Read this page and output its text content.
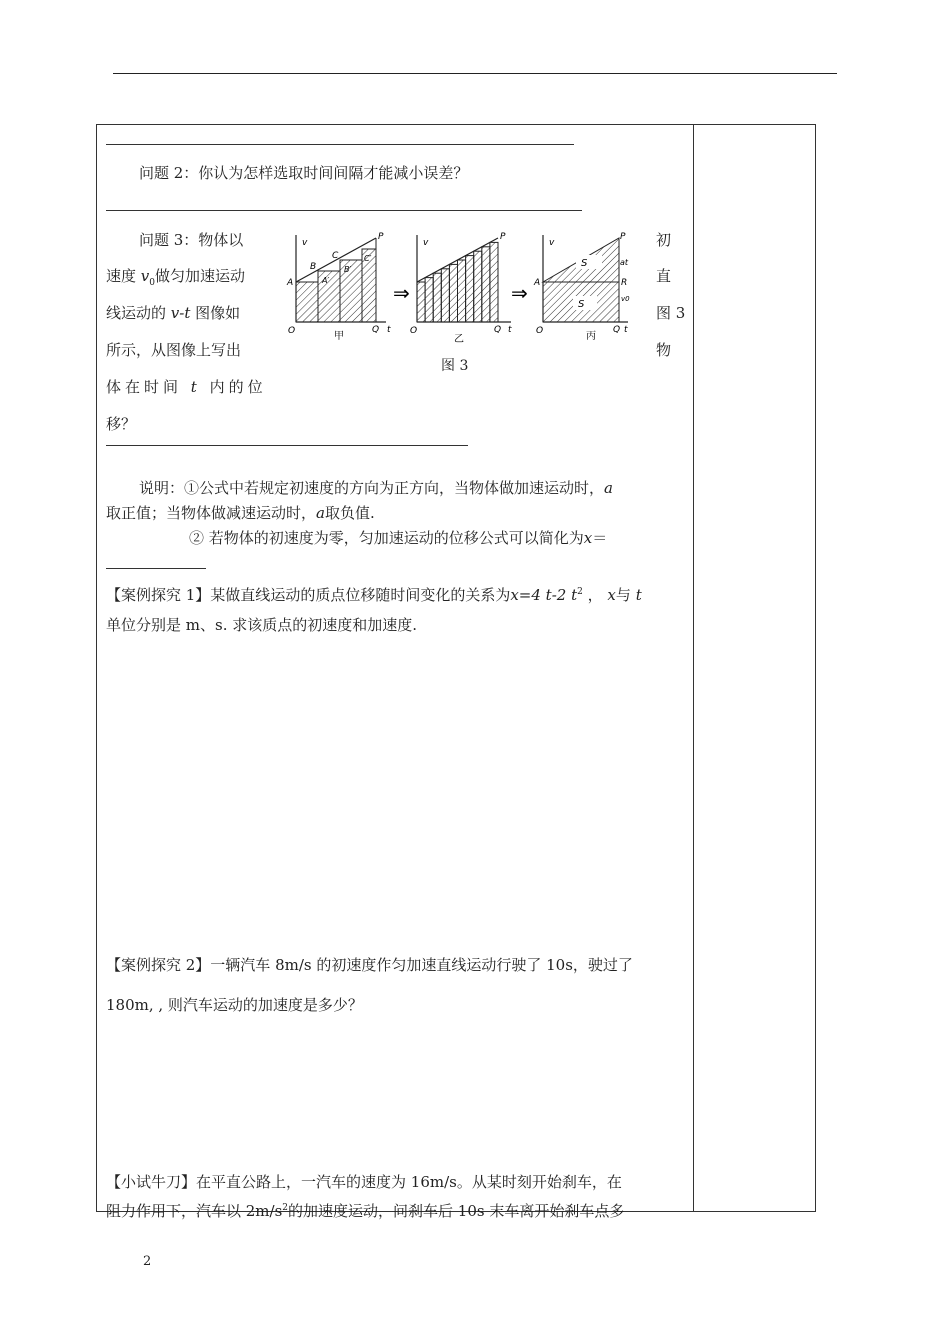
问题 2：你认为怎样选取时间间隔才能减小误差？
问题 3：物体以
速度 $v_0$做匀加速运动
线运动的 v-t 图像如
所示，从图像上写出
体在时间 t 内的位
移？
初
直
图 3
物
v
A
B
C
A′
B′
C′
P
O	Q t
甲
⇒
v
P
O	Q t
乙
⇒
S
S
v
A
P
at
R
v0
O	Q t
丙
图 3
说明：①公式中若规定初速度的方向为正方向，当物体做加速运动时，a
取正值；当物体做减速运动时，a取负值.
② 若物体的初速度为零，匀加速运动的位移公式可以简化为x＝
【案例探究 1】某做直线运动的质点位移随时间变化的关系为x=4 t-2 $t^2$ ， x与 t
单位分别是 m、s. 求该质点的初速度和加速度.
【案例探究 2】一辆汽车 8m/s 的初速度作匀加速直线运动行驶了 10s，驶过了
180m, , 则汽车运动的加速度是多少？
【小试牛刀】在平直公路上，一汽车的速度为 16m/s。从某时刻开始刹车，在
阻力作用下，汽车以 $2m/s^2$的加速度运动，问刹车后 10s 末车离开始刹车点多
2
